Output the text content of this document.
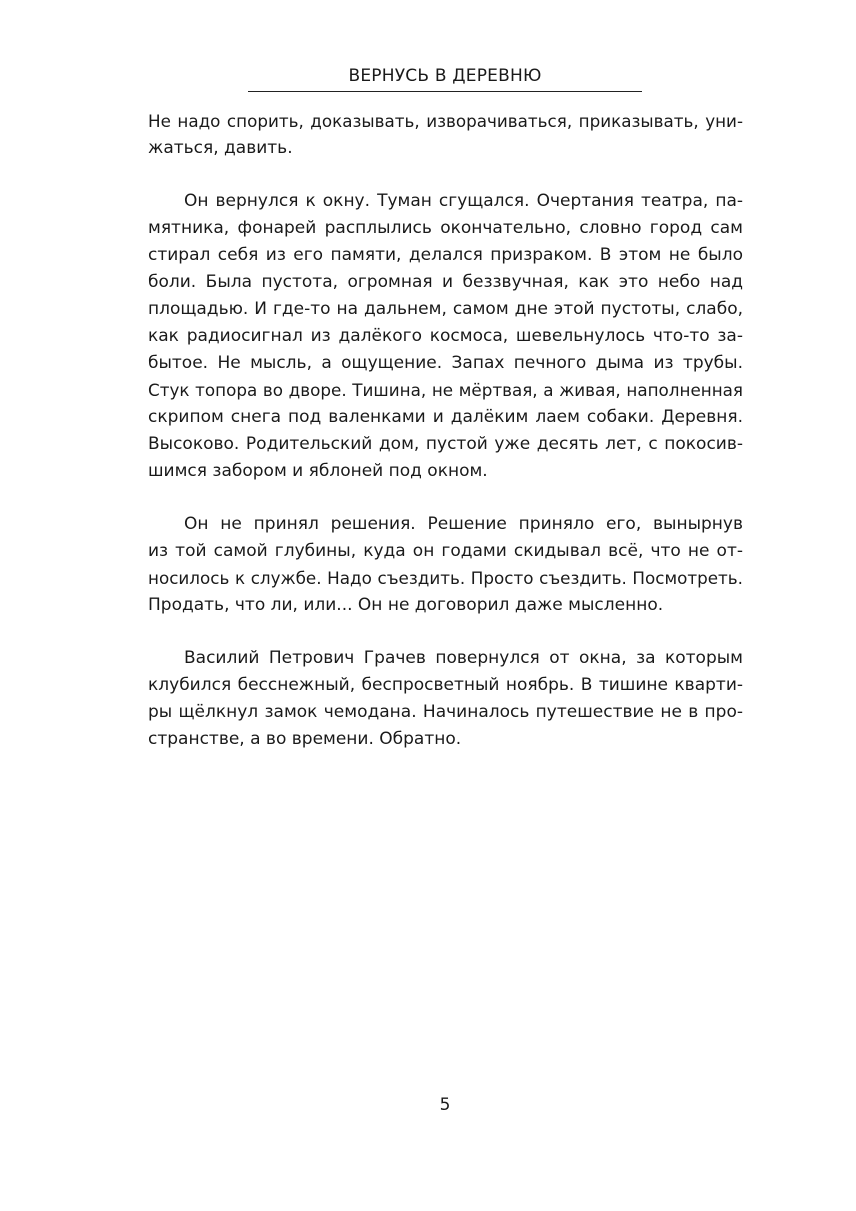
ВЕРНУСЬ В ДЕРЕВНЮ
Не надо спорить, доказывать, изворачиваться, приказывать, уни-
жаться, давить.
Он вернулся к окну. Туман сгущался. Очертания театра, па-
мятника, фонарей расплылись окончательно, словно город сам
стирал себя из его памяти, делался призраком. В этом не было
боли. Была пустота, огромная и беззвучная, как это небо над
площадью. И где-то на дальнем, самом дне этой пустоты, слабо,
как радиосигнал из далёкого космоса, шевельнулось что-то за-
бытое. Не мысль, а ощущение. Запах печного дыма из трубы.
Стук топора во дворе. Тишина, не мёртвая, а живая, наполненная
скрипом снега под валенками и далёким лаем собаки. Деревня.
Высоково. Родительский дом, пустой уже десять лет, с покосив-
шимся забором и яблоней под окном.
Он не принял решения. Решение приняло его, вынырнув
из той самой глубины, куда он годами скидывал всё, что не от-
носилось к службе. Надо съездить. Просто съездить. Посмотреть.
Продать, что ли, или... Он не договорил даже мысленно.
Василий Петрович Грачев повернулся от окна, за которым
клубился бесснежный, беспросветный ноябрь. В тишине кварти-
ры щёлкнул замок чемодана. Начиналось путешествие не в про-
странстве, а во времени. Обратно.
5
